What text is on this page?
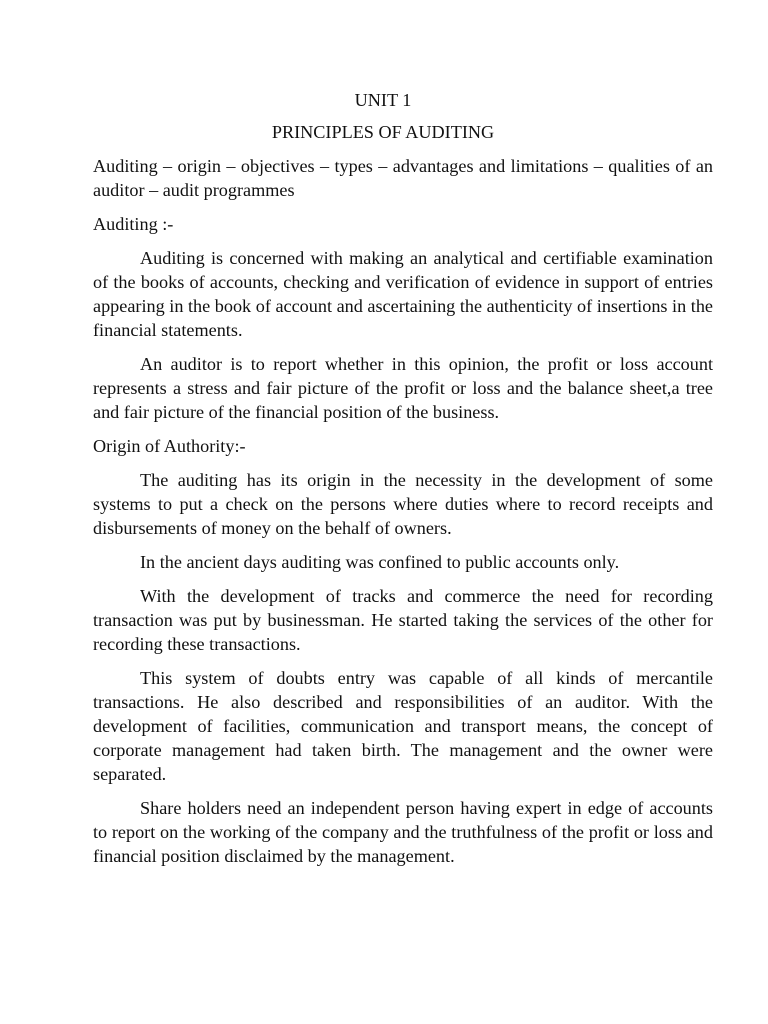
UNIT 1
PRINCIPLES OF AUDITING
Auditing – origin – objectives – types – advantages and limitations – qualities of an auditor – audit programmes
Auditing :-
Auditing is concerned with making an analytical and certifiable examination of the books of accounts, checking and verification of evidence in support of entries appearing in the book of account and ascertaining the authenticity of insertions in the financial statements.
An auditor is to report whether in this opinion, the profit or loss account represents a stress and fair picture of the profit or loss and the balance sheet,a tree and fair picture of the financial position of the business.
Origin of Authority:-
The auditing has its origin in the necessity in the development of some systems to put a check on the persons where duties where to record receipts and disbursements of money on the behalf of owners.
In the ancient days auditing was confined to public accounts only.
With the development of tracks and commerce the need for recording transaction was put by businessman. He started taking the services of the other for recording these transactions.
This system of doubts entry was capable of all kinds of mercantile transactions. He also described and responsibilities of an auditor. With the development of facilities, communication and transport means, the concept of corporate management had taken birth. The management and the owner were separated.
Share holders need an independent person having expert in edge of accounts to report on the working of the company and the truthfulness of the profit or loss and financial position disclaimed by the management.
